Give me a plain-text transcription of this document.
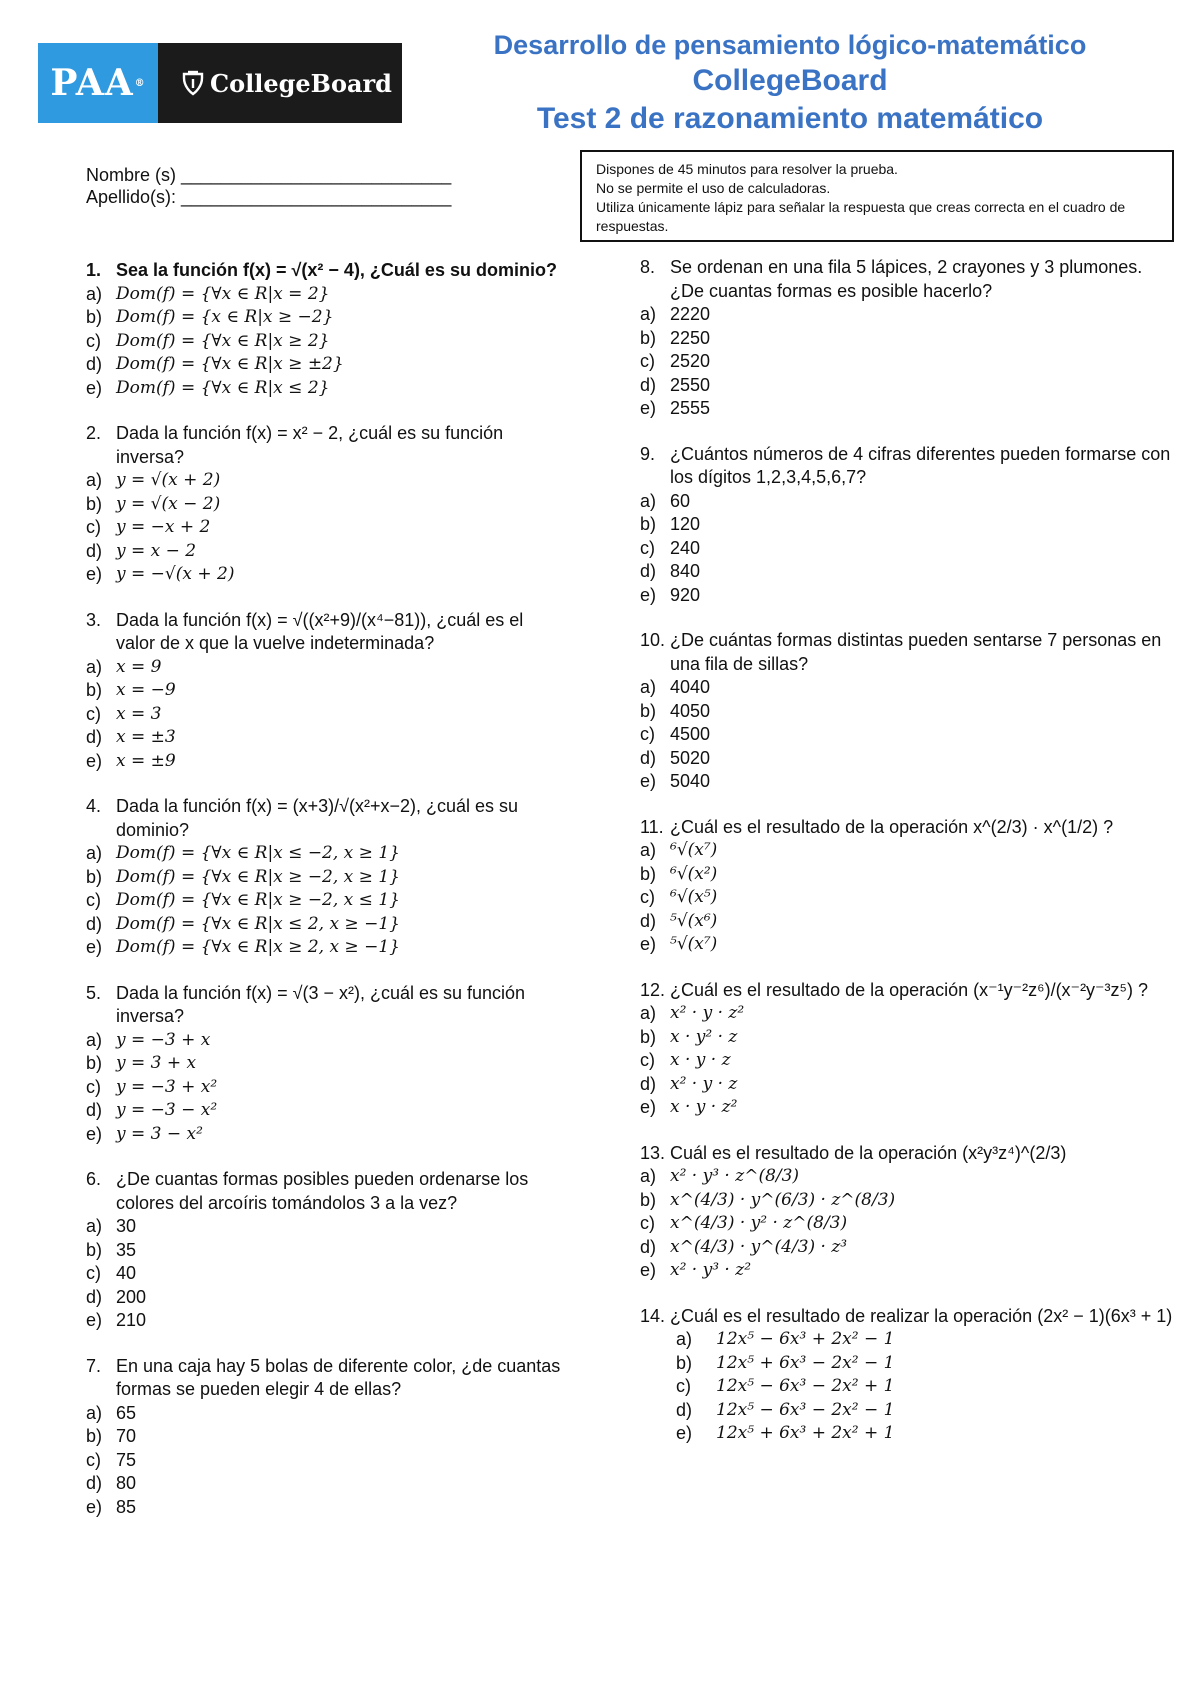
PAA ®	CollegeBoard
Desarrollo de pensamiento lógico-matemático
CollegeBoard
Test 2 de razonamiento matemático
Nombre (s) ___________________________
Apellido(s): ___________________________
Dispones de 45 minutos para resolver la prueba.
No se permite el uso de calculadoras.
Utiliza únicamente lápiz para señalar la respuesta que creas correcta en el cuadro de respuestas.
1. Sea la función f(x) = √(x² − 4), ¿Cuál es su dominio?
a) Dom(f) = {∀x ∈ R|x = 2}
b) Dom(f) = {x ∈ R|x ≥ −2}
c) Dom(f) = {∀x ∈ R|x ≥ 2}
d) Dom(f) = {∀x ∈ R|x ≥ ±2}
e) Dom(f) = {∀x ∈ R|x ≤ 2}
2. Dada la función f(x) = x² − 2, ¿cuál es su función inversa?
a) y = √(x + 2)
b) y = √(x − 2)
c) y = −x + 2
d) y = x − 2
e) y = −√(x + 2)
3. Dada la función f(x) = √((x²+9)/(x⁴−81)), ¿cuál es el valor de x que la vuelve indeterminada?
a) x = 9
b) x = −9
c) x = 3
d) x = ±3
e) x = ±9
4. Dada la función f(x) = (x+3)/√(x²+x−2), ¿cuál es su dominio?
a) Dom(f) = {∀x ∈ R|x ≤ −2, x ≥ 1}
b) Dom(f) = {∀x ∈ R|x ≥ −2, x ≥ 1}
c) Dom(f) = {∀x ∈ R|x ≥ −2, x ≤ 1}
d) Dom(f) = {∀x ∈ R|x ≤ 2, x ≥ −1}
e) Dom(f) = {∀x ∈ R|x ≥ 2, x ≥ −1}
5. Dada la función f(x) = √(3 − x²), ¿cuál es su función inversa?
a) y = −3 + x
b) y = 3 + x
c) y = −3 + x²
d) y = −3 − x²
e) y = 3 − x²
6. ¿De cuantas formas posibles pueden ordenarse los colores del arcoíris tomándolos 3 a la vez?
a) 30
b) 35
c) 40
d) 200
e) 210
7. En una caja hay 5 bolas de diferente color, ¿de cuantas formas se pueden elegir 4 de ellas?
a) 65
b) 70
c) 75
d) 80
e) 85
8. Se ordenan en una fila 5 lápices, 2 crayones y 3 plumones. ¿De cuantas formas es posible hacerlo?
a) 2220
b) 2250
c) 2520
d) 2550
e) 2555
9. ¿Cuántos números de 4 cifras diferentes pueden formarse con los dígitos 1,2,3,4,5,6,7?
a) 60
b) 120
c) 240
d) 840
e) 920
10. ¿De cuántas formas distintas pueden sentarse 7 personas en una fila de sillas?
a) 4040
b) 4050
c) 4500
d) 5020
e) 5040
11. ¿Cuál es el resultado de la operación x^(2/3) · x^(1/2) ?
a) ⁶√(x⁷)
b) ⁶√(x²)
c) ⁶√(x⁵)
d) ⁵√(x⁶)
e) ⁵√(x⁷)
12. ¿Cuál es el resultado de la operación (x⁻¹y⁻²z⁶)/(x⁻²y⁻³z⁵) ?
a) x² · y · z²
b) x · y² · z
c) x · y · z
d) x² · y · z
e) x · y · z²
13. Cuál es el resultado de la operación (x²y³z⁴)^(2/3)
a) x² · y³ · z^(8/3)
b) x^(4/3) · y^(6/3) · z^(8/3)
c) x^(4/3) · y² · z^(8/3)
d) x^(4/3) · y^(4/3) · z³
e) x² · y³ · z²
14. ¿Cuál es el resultado de realizar la operación (2x² − 1)(6x³ + 1)
a)	12x⁵ − 6x³ + 2x² − 1
b)	12x⁵ + 6x³ − 2x² − 1
c)	12x⁵ − 6x³ − 2x² + 1
d)	12x⁵ − 6x³ − 2x² − 1
e)	12x⁵ + 6x³ + 2x² + 1
